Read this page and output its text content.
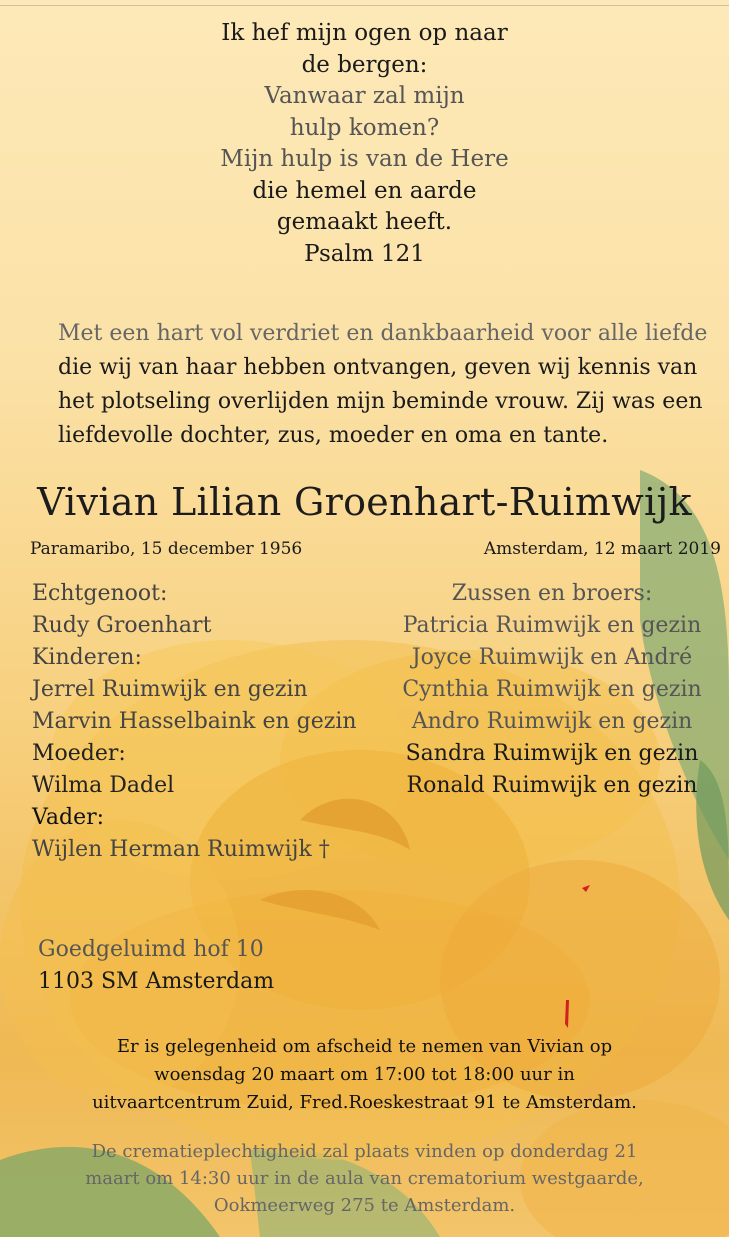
Ik hef mijn ogen op naar
de bergen:
Vanwaar zal mijn
hulp komen?
Mijn hulp is van de Here
die hemel en aarde
gemaakt heeft.
Psalm 121
Met een hart vol verdriet en dankbaarheid voor alle liefde
die wij van haar hebben ontvangen, geven wij kennis van
het plotseling overlijden mijn beminde vrouw. Zij was een
liefdevolle dochter, zus, moeder en oma en tante.
Vivian Lilian Groenhart-Ruimwijk
Paramaribo, 15 december 1956	Amsterdam, 12 maart 2019
Echtgenoot:
Rudy Groenhart
Kinderen:
Jerrel Ruimwijk en gezin
Marvin Hasselbaink en gezin
Moeder:
Wilma Dadel
Vader:
Wijlen Herman Ruimwijk †
Zussen en broers:
Patricia Ruimwijk en gezin
Joyce Ruimwijk en André
Cynthia Ruimwijk en gezin
Andro Ruimwijk en gezin
Sandra Ruimwijk en gezin
Ronald Ruimwijk en gezin
Goedgeluimd hof 10
1103 SM Amsterdam
Er is gelegenheid om afscheid te nemen van Vivian op
woensdag 20 maart om 17:00 tot 18:00 uur in
uitvaartcentrum Zuid, Fred.Roeskestraat 91 te Amsterdam.
De crematieplechtigheid zal plaats vinden op donderdag 21
maart om 14:30 uur in de aula van crematorium westgaarde,
Ookmeerweg 275 te Amsterdam.
